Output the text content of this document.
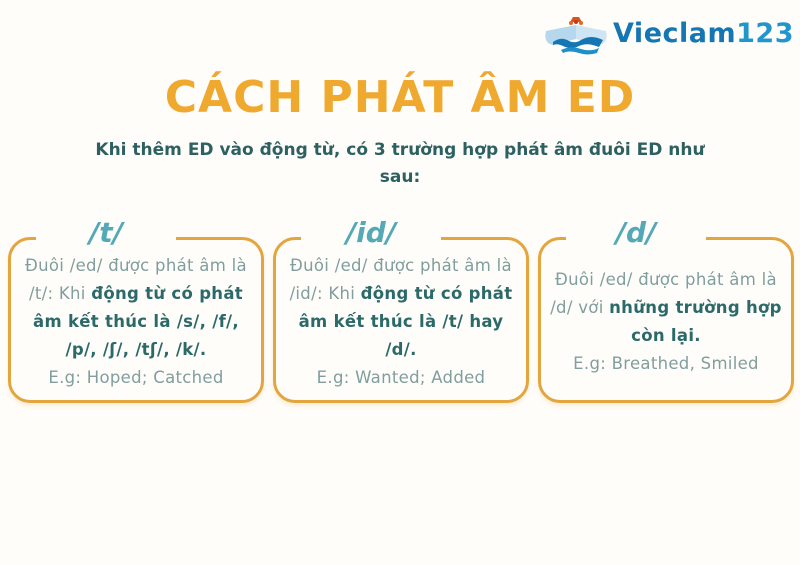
Vieclam123
CÁCH PHÁT ÂM ED
Khi thêm ED vào động từ, có 3 trường hợp phát âm đuôi ED như
sau:
/t/

Đuôi /ed/ được phát âm là /t/: Khi động từ có phát âm kết thúc là /s/, /f/, /p/, /ʃ/, /tʃ/, /k/.
E.g: Hoped; Catched

/id/

Đuôi /ed/ được phát âm là /id/: Khi động từ có phát âm kết thúc là /t/ hay /d/.
E.g: Wanted; Added

/d/

Đuôi /ed/ được phát âm là /d/ với những trường hợp còn lại.
E.g: Breathed, Smiled
